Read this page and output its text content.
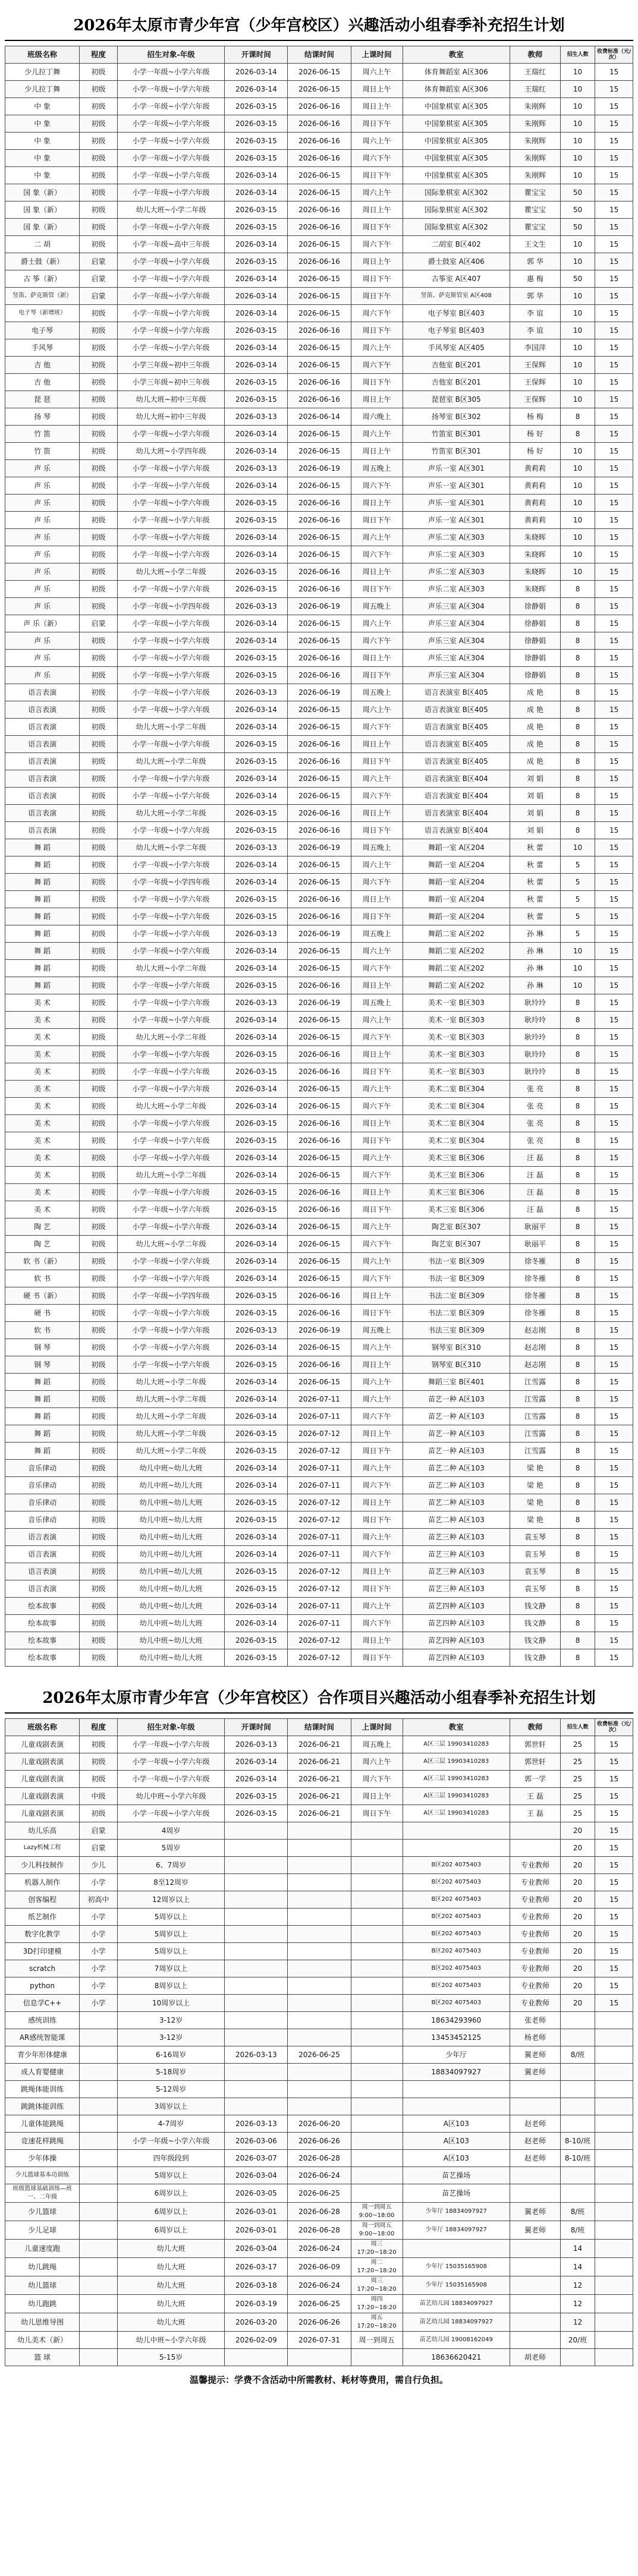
2026年太原市青少年宫（少年宫校区）兴趣活动小组春季补充招生计划
班级名称	程度	招生对象-年级	开课时间	结课时间	上课时间	教室	教师	招生人数	收费标准（元/次）
少儿拉丁舞	初级	小学一年级~小学六年级	2026-03-14	2026-06-15	周六上午	体育舞蹈室 A区306	王瑞红	10	15
少儿拉丁舞	初级	小学一年级~小学六年级	2026-03-14	2026-06-15	周日上午	体育舞蹈室 A区306	王瑞红	10	15
中 象	初级	小学一年级~小学六年级	2026-03-15	2026-06-16	周日上午	中国象棋室 A区305	朱刚辉	10	15
中 象	初级	小学一年级~小学六年级	2026-03-15	2026-06-16	周日下午	中国象棋室 A区305	朱刚辉	10	15
中 象	初级	小学一年级~小学六年级	2026-03-15	2026-06-16	周六上午	中国象棋室 A区305	朱刚辉	10	15
中 象	初级	小学一年级~小学六年级	2026-03-15	2026-06-16	周六下午	中国象棋室 A区305	朱刚辉	10	15
中 象	初级	小学一年级~小学六年级	2026-03-14	2026-06-15	周日下午	中国象棋室 A区305	朱刚辉	10	15
国 象（新）	初级	小学一年级~小学六年级	2026-03-14	2026-06-15	周六上午	国际象棋室 A区302	瞿宝宝	50	15
国 象（新）	初级	幼儿大班~小学二年级	2026-03-15	2026-06-16	周日上午	国际象棋室 A区302	瞿宝宝	50	15
国 象（新）	初级	小学一年级~小学六年级	2026-03-15	2026-06-16	周日下午	国际象棋室 A区302	瞿宝宝	50	15
二 胡	初级	小学一年级~高中三年级	2026-03-14	2026-06-15	周六下午	二胡室 B区402	王文生	10	15
爵士鼓（新）	启蒙	小学一年级~小学六年级	2026-03-15	2026-06-16	周日上午	爵士鼓室 A区406	郭 华	10	15
古 筝（新）	启蒙	小学一年级~小学六年级	2026-03-14	2026-06-15	周日下午	古筝室 A区407	惠 梅	50	15
竖笛、萨克斯管（新）	启蒙	小学一年级~小学六年级	2026-03-14	2026-06-15	周日下午	竖笛、萨克斯管室 A区408	郭 华	10	15
电子琴（新增班）	初级	小学一年级~小学六年级	2026-03-14	2026-06-15	周六下午	电子琴室 B区403	李 谊	10	15
电子琴	初级	小学一年级~小学六年级	2026-03-15	2026-06-16	周日下午	电子琴室 B区403	李 谊	10	15
手风琴	初级	小学一年级~小学六年级	2026-03-14	2026-06-15	周六上午	手风琴室 A区405	李国萍	10	15
吉 他	初级	小学三年级~初中三年级	2026-03-14	2026-06-15	周六下午	吉他室 B区201	王保辉	10	15
吉 他	初级	小学三年级~初中三年级	2026-03-15	2026-06-16	周日下午	吉他室 B区201	王保辉	10	15
琵 琶	初级	幼儿大班~初中三年级	2026-03-15	2026-06-16	周日上午	琵琶室 B区305	王保辉	10	15
扬 琴	初级	幼儿大班~初中三年级	2026-03-13	2026-06-14	周六晚上	扬琴室 B区302	杨 梅	8	15
竹 笛	初级	小学一年级~小学六年级	2026-03-14	2026-06-15	周六上午	竹笛室 B区301	杨 好	8	15
竹 笛	初级	幼儿大班~小学四年级	2026-03-14	2026-06-15	周日上午	竹笛室 B区301	杨 好	10	15
声 乐	初级	小学一年级~小学六年级	2026-03-13	2026-06-19	周五晚上	声乐一室 A区301	黄莉莉	10	15
声 乐	初级	小学一年级~小学六年级	2026-03-14	2026-06-15	周六下午	声乐一室 A区301	黄莉莉	10	15
声 乐	初级	小学一年级~小学六年级	2026-03-15	2026-06-16	周日上午	声乐一室 A区301	黄莉莉	10	15
声 乐	初级	小学一年级~小学六年级	2026-03-15	2026-06-16	周日下午	声乐一室 A区301	黄莉莉	10	15
声 乐	初级	小学一年级~小学六年级	2026-03-14	2026-06-15	周六上午	声乐二室 A区303	朱晓晖	10	15
声 乐	初级	小学一年级~小学六年级	2026-03-14	2026-06-15	周六下午	声乐二室 A区303	朱晓晖	10	15
声 乐	初级	幼儿大班~小学二年级	2026-03-15	2026-06-16	周日上午	声乐二室 A区303	朱晓晖	10	15
声 乐	初级	小学一年级~小学六年级	2026-03-15	2026-06-16	周日下午	声乐二室 A区303	朱晓晖	8	15
声 乐	初级	小学一年级~小学四年级	2026-03-13	2026-06-19	周五晚上	声乐三室 A区304	徐静娟	8	15
声 乐（新）	启蒙	小学一年级~小学六年级	2026-03-14	2026-06-15	周六上午	声乐三室 A区304	徐静娟	8	15
声 乐	初级	小学一年级~小学六年级	2026-03-14	2026-06-15	周六下午	声乐三室 A区304	徐静娟	8	15
声 乐	初级	小学一年级~小学六年级	2026-03-15	2026-06-16	周日上午	声乐三室 A区304	徐静娟	8	15
声 乐	初级	小学一年级~小学六年级	2026-03-15	2026-06-16	周日下午	声乐三室 A区304	徐静娟	8	15
语言表演	初级	小学一年级~小学六年级	2026-03-13	2026-06-19	周五晚上	语言表演室 B区405	成 艳	8	15
语言表演	初级	小学一年级~小学六年级	2026-03-14	2026-06-15	周六上午	语言表演室 B区405	成 艳	8	15
语言表演	初级	幼儿大班~小学二年级	2026-03-14	2026-06-15	周六下午	语言表演室 B区405	成 艳	8	15
语言表演	初级	小学一年级~小学六年级	2026-03-15	2026-06-16	周日上午	语言表演室 B区405	成 艳	8	15
语言表演	初级	幼儿大班~小学二年级	2026-03-15	2026-06-16	周日下午	语言表演室 B区405	成 艳	8	15
语言表演	初级	小学一年级~小学六年级	2026-03-14	2026-06-15	周六上午	语言表演室 B区404	刘 娟	8	15
语言表演	初级	小学一年级~小学六年级	2026-03-14	2026-06-15	周六下午	语言表演室 B区404	刘 娟	8	15
语言表演	初级	幼儿大班~小学二年级	2026-03-15	2026-06-16	周日上午	语言表演室 B区404	刘 娟	8	15
语言表演	初级	小学一年级~小学六年级	2026-03-15	2026-06-16	周日下午	语言表演室 B区404	刘 娟	8	15
舞 蹈	初级	幼儿大班~小学二年级	2026-03-13	2026-06-19	周五晚上	舞蹈一室 A区204	秋 蕾	10	15
舞 蹈	初级	小学一年级~小学六年级	2026-03-14	2026-06-15	周六上午	舞蹈一室 A区204	秋 蕾	5	15
舞 蹈	初级	小学一年级~小学四年级	2026-03-14	2026-06-15	周六下午	舞蹈一室 A区204	秋 蕾	5	15
舞 蹈	初级	小学一年级~小学六年级	2026-03-15	2026-06-16	周日上午	舞蹈一室 A区204	秋 蕾	5	15
舞 蹈	初级	小学一年级~小学六年级	2026-03-15	2026-06-16	周日下午	舞蹈一室 A区204	秋 蕾	5	15
舞 蹈	初级	小学一年级~小学六年级	2026-03-13	2026-06-19	周五晚上	舞蹈二室 A区202	孙 琳	5	15
舞 蹈	初级	小学一年级~小学六年级	2026-03-14	2026-06-15	周六上午	舞蹈二室 A区202	孙 琳	10	15
舞 蹈	初级	幼儿大班~小学二年级	2026-03-14	2026-06-15	周六下午	舞蹈二室 A区202	孙 琳	10	15
舞 蹈	初级	小学一年级~小学六年级	2026-03-15	2026-06-16	周日上午	舞蹈二室 A区202	孙 琳	10	15
美 术	初级	小学一年级~小学六年级	2026-03-13	2026-06-19	周五晚上	美术一室 B区303	耿玲玲	8	15
美 术	初级	小学一年级~小学六年级	2026-03-14	2026-06-15	周六上午	美术一室 B区303	耿玲玲	8	15
美 术	初级	幼儿大班~小学二年级	2026-03-14	2026-06-15	周六下午	美术一室 B区303	耿玲玲	8	15
美 术	初级	小学一年级~小学六年级	2026-03-15	2026-06-16	周日上午	美术一室 B区303	耿玲玲	8	15
美 术	初级	小学一年级~小学六年级	2026-03-15	2026-06-16	周日下午	美术一室 B区303	耿玲玲	8	15
美 术	初级	小学一年级~小学六年级	2026-03-14	2026-06-15	周六上午	美术二室 B区304	张 亮	8	15
美 术	初级	幼儿大班~小学二年级	2026-03-14	2026-06-15	周六下午	美术二室 B区304	张 亮	8	15
美 术	初级	小学一年级~小学六年级	2026-03-15	2026-06-16	周日上午	美术二室 B区304	张 亮	8	15
美 术	初级	小学一年级~小学六年级	2026-03-15	2026-06-16	周日下午	美术二室 B区304	张 亮	8	15
美 术	初级	小学一年级~小学六年级	2026-03-14	2026-06-15	周六上午	美术三室 B区306	汪 磊	8	15
美 术	初级	幼儿大班~小学二年级	2026-03-14	2026-06-15	周六下午	美术三室 B区306	汪 磊	8	15
美 术	初级	小学一年级~小学六年级	2026-03-15	2026-06-16	周日上午	美术三室 B区306	汪 磊	8	15
美 术	初级	小学一年级~小学六年级	2026-03-15	2026-06-16	周日下午	美术三室 B区306	汪 磊	8	15
陶 艺	初级	小学一年级~小学六年级	2026-03-14	2026-06-15	周六上午	陶艺室 B区307	耿丽平	8	15
陶 艺	初级	幼儿大班~小学二年级	2026-03-14	2026-06-15	周六下午	陶艺室 B区307	耿丽平	8	15
软 书（新）	初级	小学一年级~小学六年级	2026-03-14	2026-06-15	周六上午	书法一室 B区309	徐冬雁	8	15
软 书	初级	小学一年级~小学六年级	2026-03-14	2026-06-15	周六下午	书法一室 B区309	徐冬雁	8	15
硬 书（新）	初级	小学一年级~小学四年级	2026-03-15	2026-06-16	周日上午	书法二室 B区309	徐冬雁	8	15
硬 书	初级	小学一年级~小学六年级	2026-03-15	2026-06-16	周日下午	书法二室 B区309	徐冬雁	8	15
软 书	初级	小学一年级~小学六年级	2026-03-13	2026-06-19	周五晚上	书法三室 B区309	赵志刚	8	15
钢 琴	初级	小学一年级~小学六年级	2026-03-14	2026-06-15	周六上午	钢琴室 B区310	赵志刚	8	15
钢 琴	初级	小学一年级~小学六年级	2026-03-15	2026-06-16	周日上午	钢琴室 B区310	赵志刚	8	15
舞 蹈	初级	幼儿大班~小学二年级	2026-03-14	2026-06-15	周六上午	舞蹈三室 B区401	江雪露	8	15
舞 蹈	初级	幼儿大班~小学二年级	2026-03-14	2026-07-11	周六上午	苗艺一种 A区103	江雪露	8	15
舞 蹈	初级	幼儿大班~小学二年级	2026-03-14	2026-07-11	周六下午	苗艺一种 A区103	江雪露	8	15
舞 蹈	初级	幼儿大班~小学二年级	2026-03-15	2026-07-12	周日上午	苗艺一种 A区103	江雪露	8	15
舞 蹈	初级	幼儿大班~小学二年级	2026-03-15	2026-07-12	周日下午	苗艺一种 A区103	江雪露	8	15
音乐律动	初级	幼儿中班~幼儿大班	2026-03-14	2026-07-11	周六上午	苗艺二种 A区103	梁 艳	8	15
音乐律动	初级	幼儿中班~幼儿大班	2026-03-14	2026-07-11	周六下午	苗艺二种 A区103	梁 艳	8	15
音乐律动	初级	幼儿中班~幼儿大班	2026-03-15	2026-07-12	周日上午	苗艺二种 A区103	梁 艳	8	15
音乐律动	初级	幼儿中班~幼儿大班	2026-03-15	2026-07-12	周日下午	苗艺二种 A区103	梁 艳	8	15
语言表演	初级	幼儿中班~幼儿大班	2026-03-14	2026-07-11	周六上午	苗艺三种 A区103	袁玉琴	8	15
语言表演	初级	幼儿中班~幼儿大班	2026-03-14	2026-07-11	周六下午	苗艺三种 A区103	袁玉琴	8	15
语言表演	初级	幼儿中班~幼儿大班	2026-03-15	2026-07-12	周日上午	苗艺三种 A区103	袁玉琴	8	15
语言表演	初级	幼儿中班~幼儿大班	2026-03-15	2026-07-12	周日下午	苗艺三种 A区103	袁玉琴	8	15
绘本故事	初级	幼儿中班~幼儿大班	2026-03-14	2026-07-11	周六上午	苗艺四种 A区103	钱文静	8	15
绘本故事	初级	幼儿中班~幼儿大班	2026-03-14	2026-07-11	周六下午	苗艺四种 A区103	钱文静	8	15
绘本故事	初级	幼儿中班~幼儿大班	2026-03-15	2026-07-12	周日上午	苗艺四种 A区103	钱文静	8	15
绘本故事	初级	幼儿中班~幼儿大班	2026-03-15	2026-07-12	周日下午	苗艺四种 A区103	钱文静	8	15
2026年太原市青少年宫（少年宫校区）合作项目兴趣活动小组春季补充招生计划
班级名称	程度	招生对象-年级	开课时间	结课时间	上课时间	教室	教师	招生人数	收费标准（元/次）
儿童戏剧表演	初级	小学一年级~小学六年级	2026-03-13	2026-06-21	周五晚上	A区三层 19903410283	郭世轩	25	15
儿童戏剧表演	初级	小学一年级~小学六年级	2026-03-14	2026-06-21	周六上午	A区三层 19903410283	郭世轩	25	15
儿童戏剧表演	初级	小学一年级~小学六年级	2026-03-14	2026-06-21	周六下午	A区三层 19903410283	郭一学	25	15
儿童戏剧表演	中级	幼儿中班~小学六年级	2026-03-15	2026-06-21	周日上午	A区三层 19903410283	王 磊	25	15
儿童戏剧表演	初级	小学一年级~小学六年级	2026-03-15	2026-06-21	周日下午	A区三层 19903410283	王 磊	25	15
幼儿乐高	启蒙	4周岁						20	15
Lazy机械工程	启蒙	5周岁						20	15
少儿科技制作	少儿	6、7周岁				B区202 4075403	专业教师	20	15
机器人制作	小学	8至12周岁				B区202 4075403	专业教师	20	15
创客编程	初高中	12周岁以上				B区202 4075403	专业教师	20	15
纸艺制作	小学	5周岁以上				B区202 4075403	专业教师	20	15
数字化教学	小学	5周岁以上				B区202 4075403	专业教师	20	15
3D打印建模	小学	5周岁以上				B区202 4075403	专业教师	20	15
scratch	小学	7周岁以上				B区202 4075403	专业教师	20	15
python	小学	8周岁以上				B区202 4075403	专业教师	20	15
信息学C++	小学	10周岁以上				B区202 4075403	专业教师	20	15
感统训练		3-12岁				18634293960	张老师		
AR感统智能课		3-12岁				13453452125	杨老师		
青少年形体健康		6-16周岁	2026-03-13	2026-06-25		少年厅	翼老师	8/班	
成人育婴健康		5-18周岁				18834097927	翼老师		
跳绳体能训练		5-12周岁							
跳跳体能训练		3周岁以上							
儿童体能跳绳		4-7周岁	2026-03-13	2026-06-20		A区103	赵老师		
竞速花样跳绳		小学一年级~小学六年级	2026-03-06	2026-06-26		A区103	赵老师	8-10/班	
少年体操		四年级段到	2026-03-07	2026-06-28		A区103	赵老师	8-10/班	
少儿篮球基本功训练		5周岁以上	2026-03-04	2026-06-24		苗艺操场			
班级篮球基础训练—班 一、二年级		6周岁以上	2026-03-05	2026-06-25		苗艺操场			
少儿篮球		6周岁以上	2026-03-01	2026-06-28	周一到周五 9:00~18:00	少年厅 18834097927	翼老师	8/班	
少儿足球		6周岁以上	2026-03-01	2026-06-28	周一到周五 9:00~18:00	少年厅 18834097927	翼老师	8/班	
儿童速度跑		幼儿大班	2026-03-04	2026-06-24	周三 17:20~18:20			14	
幼儿跳绳		幼儿大班	2026-03-17	2026-06-09	周二 17:20~18:20	少年厅 15035165908		14	
幼儿篮球		幼儿大班	2026-03-18	2026-06-24	周三 17:20~18:20	少年厅 15035165908		12	
幼儿跑跳		幼儿大班	2026-03-19	2026-06-25	周四 17:20~18:20	苗艺幼儿园 18834097927		12	
幼儿思维导图		幼儿大班	2026-03-20	2026-06-26	周五 17:20~18:20	苗艺幼儿园 18834097927		12	
幼儿美术（新）		幼儿中班~小学六年级	2026-02-09	2026-07-31	周一到周五	苗艺幼儿园 19008162049		20/班	
篮 球		5-15岁				18636620421	胡老师		
温馨提示：学费不含活动中所需教材、耗材等费用，需自行负担。
